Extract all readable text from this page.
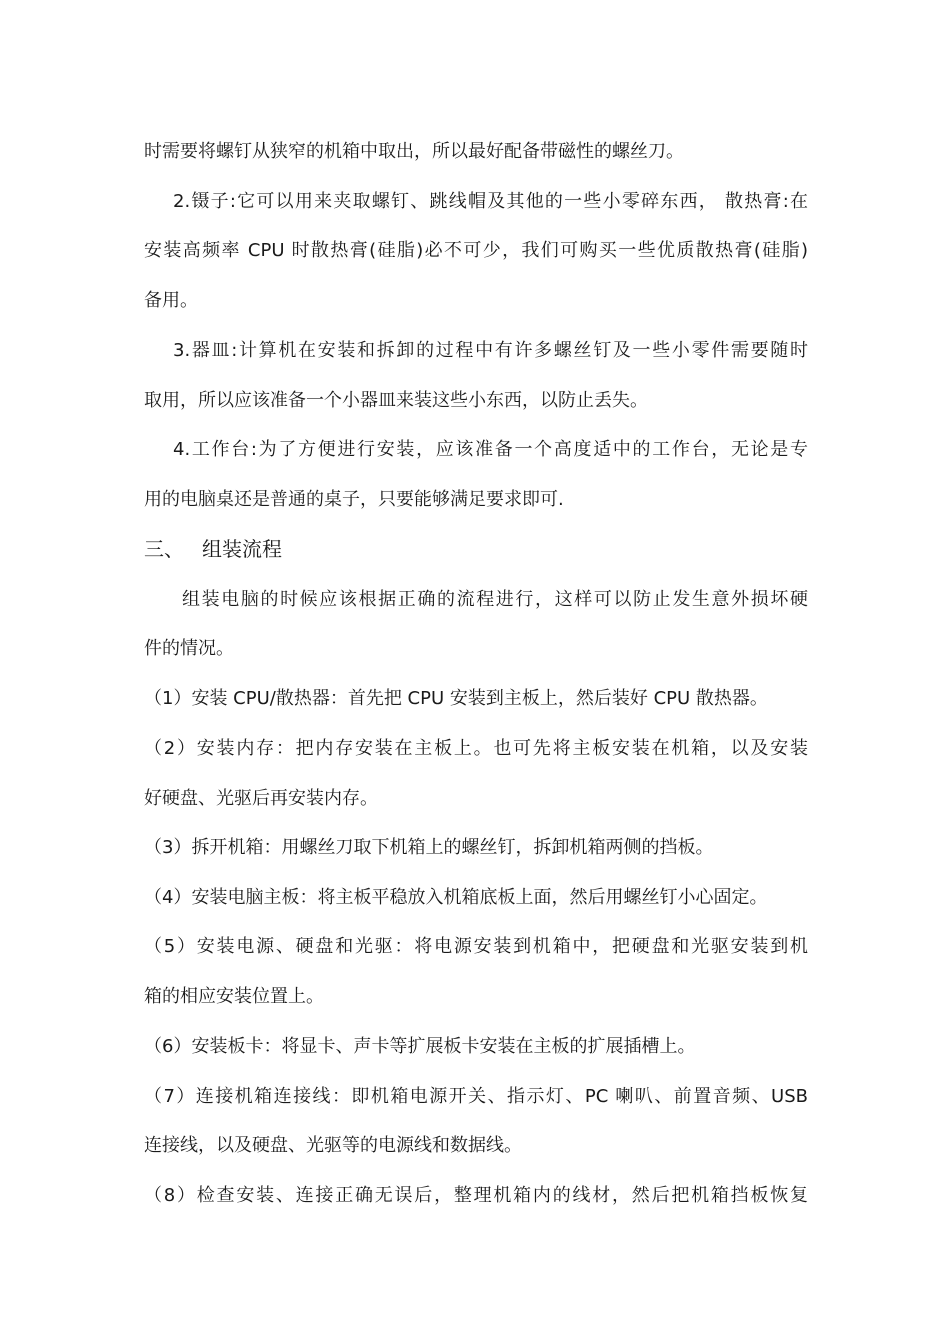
时需要将螺钉从狭窄的机箱中取出，所以最好配备带磁性的螺丝刀。
2.镊子:它可以用来夹取螺钉、跳线帽及其他的一些小零碎东西， 散热膏:在
安装高频率 CPU 时散热膏(硅脂)必不可少，我们可购买一些优质散热膏(硅脂)
备用。
3.器皿:计算机在安装和拆卸的过程中有许多螺丝钉及一些小零件需要随时
取用，所以应该准备一个小器皿来装这些小东西，以防止丢失。
4.工作台:为了方便进行安装，应该准备一个高度适中的工作台，无论是专
用的电脑桌还是普通的桌子，只要能够满足要求即可.
三、 组装流程
组装电脑的时候应该根据正确的流程进行，这样可以防止发生意外损坏硬
件的情况。
（1）安装 CPU/散热器：首先把 CPU 安装到主板上，然后装好 CPU 散热器。
（2）安装内存：把内存安装在主板上。也可先将主板安装在机箱，以及安装
好硬盘、光驱后再安装内存。
（3）拆开机箱：用螺丝刀取下机箱上的螺丝钉，拆卸机箱两侧的挡板。
（4）安装电脑主板：将主板平稳放入机箱底板上面，然后用螺丝钉小心固定。
（5）安装电源、硬盘和光驱：将电源安装到机箱中，把硬盘和光驱安装到机
箱的相应安装位置上。
（6）安装板卡：将显卡、声卡等扩展板卡安装在主板的扩展插槽上。
（7）连接机箱连接线：即机箱电源开关、指示灯、PC 喇叭、前置音频、USB
连接线，以及硬盘、光驱等的电源线和数据线。
（8）检查安装、连接正确无误后，整理机箱内的线材，然后把机箱挡板恢复
